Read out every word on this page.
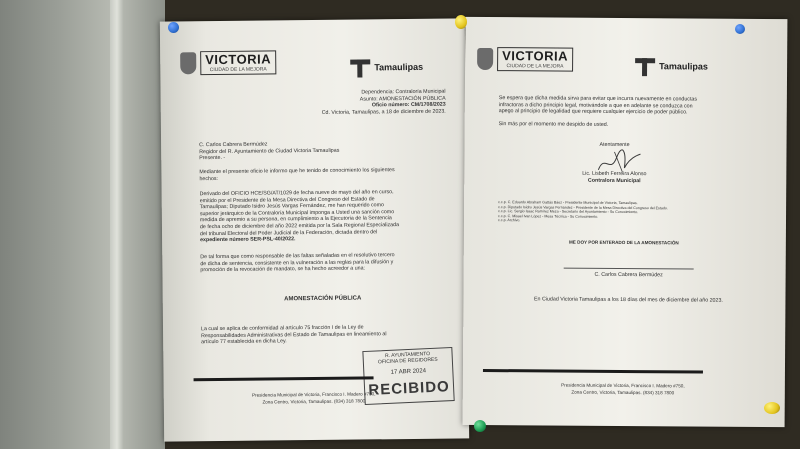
VICTORIA
CIUDAD DE LA MEJORA	Tamaulipas
Dependencia: Contraloría Municipal
Asunto: AMONESTACIÓN PÚBLICA
Oficio número: CM/1708/2023
Cd. Victoria, Tamaulipas, a 18 de diciembre de 2023.
C. Carlos Cabrera Bermúdez
Regidor del R. Ayuntamiento de Ciudad Victoria Tamaulipas
Presente. -
Mediante el presente oficio le informo que he tenido de conocimiento los siguientes
hechos:
Derivado del OFICIO HCE/SG/AT/1029 de fecha nueve de mayo del año en curso,
emitido por el Presidente de la Mesa Directiva del Congreso del Estado de
Tamaulipas; Diputado Isidro Jesús Vargas Fernández, me han requerido como
superior jerárquico de la Contraloría Municipal imponga a Usted una sanción como
medida de apremio a su persona, en cumplimiento a la Ejecutoria de la Sentencia
de fecha ocho de diciembre del año 2022 emitida por la Sala Regional Especializada
del tribunal Electoral del Poder Judicial de la Federación, dictada dentro del
expediente número SER-PSL-40/2022.
De tal forma que como responsable de las faltas señaladas en el resolutivo tercero
de dicha de sentencia, consistente en la vulneración a las reglas para la difusión y
promoción de la revocación de mandato, se ha hecho acreedor a una:
AMONESTACIÓN PÚBLICA
La cual se aplica de conformidad al artículo 75 fracción I de la Ley de
Responsabilidades Administrativas del Estado de Tamaulipas en lineamiento al
artículo 77 establecida en dicha Ley.
R. AYUNTAMIENTO
OFICINA DE REGIDORES
17 ABR 2024
RECIBIDO
Presidencia Municipal de Victoria, Francisco I. Madero #750,
Zona Centro, Victoria, Tamaulipas. (834) 318 7800
VICTORIA
CIUDAD DE LA MEJORA	Tamaulipas
Se espera que dicha medida sirva para evitar que incurra nuevamente en conductas
infractoras a dicho principio legal, motivándole a que en adelante se conduzca con
apego al principio de legalidad que requiere cualquier ejercicio de poder público.
Sin más por el momento me despido de usted.
Atentamente
Lic. Lisbeth Ferreira Alonso
Contralora Municipal
c.c.p. C. Eduardo Abraham Gattás Báez - Presidente Municipal de Victoria, Tamaulipas.
c.c.p. Diputado Isidro Jesús Vargas Fernández - Presidente de la Mesa Directiva del Congreso del Estado.
c.c.p. Lic. Sergio Isaac Ramírez Meza - Secretario del Ayuntamiento - Su Conocimiento.
c.c.p. C. Misael Ivan López - Mesa Técnica - Su Conocimiento.
c.c.p. Archivo.
ME DOY POR ENTERADO DE LA AMONESTACIÓN
C. Carlos Cabrera Bermúdez
En Ciudad Victoria Tamaulipas a los 18 días del mes de diciembre del año 2023.
Presidencia Municipal de Victoria, Francisco I. Madero #750,
Zona Centro, Victoria, Tamaulipas. (834) 318 7800
